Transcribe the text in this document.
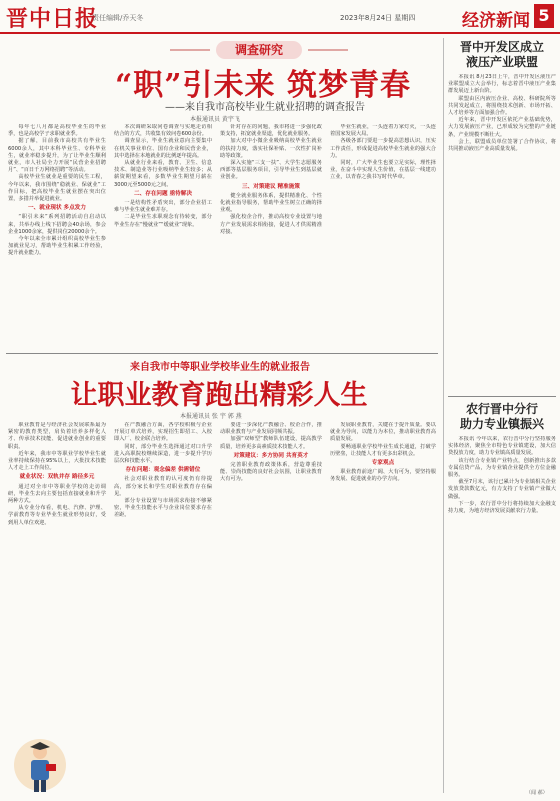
晋中日报
责任编辑/乔天冬	2023年8月24日 星期四	经济新闻 5
调查研究
“职”引未来 筑梦青春
——来自我市高校毕业生就业招聘的调查报告
本报通讯员 黄宇飞

每年七八月都是高校毕业生的毕业季，也是高校学子求职就业季。

据了解，目前我市高校共有毕业生6000余人，其中本科毕业生、专科毕业生，就业率稳步提升，为了让毕业生顺利就业，市人社局全力开展“民营企业招聘月”、“百日千万网络招聘”等活动。

高校毕业生就业是重要的民生工程，今年以来，我市围绕“稳就业、保就业”工作目标，把高校毕业生就业摆在突出位置，多措并举促进就业。

一、就业现状 多点发力

“职引未来”系列招聘活动自启动以来，共举办线上线下招聘会40余场，参会企业1000余家，提供岗位20000余个。

今年以来全市累计组织高校毕业生参加就业见习，帮助毕业生积累工作经验，提升就业能力。

本次调研采取问卷调查与实地走访相结合的方式，共收集有效问卷600余份。

调查显示，毕业生就业意向主要集中在机关事业单位、国有企业和民营企业，其中选择在本地就业的比例逐年提高。

从就业行业来看，教育、卫生、信息技术、制造业等行业吸纳毕业生较多；从薪资期望来看，多数毕业生期望月薪在3000元至5000元之间。

二、存在问题 亟待解决

一是结构性矛盾突出，部分企业招工难与毕业生就业难并存。

二是毕业生求职观念有待转变，部分毕业生存在“慢就业”“缓就业”现象。

针对存在的问题，我市将进一步强化政策支持，拓宽就业渠道，优化就业服务。

加大对中小微企业吸纳高校毕业生就业的扶持力度，落实社保补贴、一次性扩岗补助等政策。

深入实施“三支一扶”、大学生志愿服务西部等基层服务项目，引导毕业生到基层就业创业。

三、对策建议 精准施策

健全就业服务体系，提供精准化、个性化就业指导服务，帮助毕业生树立正确的择业观。

强化校企合作，推动高校专业设置与地方产业发展需求相衔接，促进人才供需精准对接。

毕业生就业，一头连着万家灯火，一头连着国家发展大局。

各级各部门要进一步提高思想认识，压实工作责任，形成促进高校毕业生就业的强大合力。

同时，广大毕业生也要立足实际，理性择业，在奋斗中实现人生价值，在基层一线建功立业，以青春之我书写时代华章。

来自我市中等职业学校毕业生的就业报告
让职业教育跑出精彩人生
本报通讯员 张 宇 郭 燕

职业教育是与经济社会发展联系最为紧密的教育类型，肩负着培养多样化人才、传承技术技能、促进就业创业的重要职责。

近年来，我市中等职业学校毕业生就业率持续保持在95%以上，大批技术技能人才走上工作岗位。

就业状况：双轨并存 路径多元

通过对全市中等职业学校的走访调研，毕业生去向主要包括直接就业和升学两种方式。

从专业分布看，机电、汽修、护理、学前教育等专业毕业生就业形势良好，受到用人单位欢迎。

在产教融合方面，各学校积极与企业开展订单式培养，实现招生即招工、入校即入厂、校企联合培养。

同时，部分毕业生选择通过对口升学进入高职院校继续深造，进一步提升学历层次和技能水平。

存在问题：观念偏差 供需错位

社会对职业教育的认可度仍有待提高，部分家长和学生对职业教育存在偏见。

部分专业设置与市场需求衔接不够紧密，毕业生技能水平与企业岗位要求存在差距。

要进一步深化产教融合、校企合作，推动职业教育与产业发展同频共振。

加强“双师型”教师队伍建设，提高教学质量，培养更多高素质技术技能人才。

对策建议：多方协同 共育英才

完善职业教育政策体系，营造尊重技能、崇尚技能的良好社会氛围，让职业教育大有可为。

发展职业教育，关键在于提升质量。要以就业为导向，以能力为本位，推动职业教育高质量发展。

要畅通职业学校毕业生成长通道，打破学历壁垒，让技能人才有更多出彩机会。

专家观点

职业教育前途广阔、大有可为，要坚持服务发展、促进就业的办学方向。

晋中开发区成立
液压产业联盟

本报讯 8月23日上午，晋中开发区液压产业联盟成立大会举行，标志着晋中液压产业集群发展迈上新台阶。

联盟由区内液压企业、高校、科研院所等共同发起成立，将围绕技术创新、市场开拓、人才培养等方面加强合作。

近年来，晋中开发区依托产业基础优势，大力发展液压产业，已形成较为完整的产业链条，产业规模不断壮大。

会上，联盟成员单位签署了合作协议，将共同推动液压产业高质量发展。

农行晋中分行
助力专业镇振兴

本报讯 今年以来，农行晋中分行坚持服务实体经济，聚焦全市特色专业镇建设，加大信贷投放力度，助力专业镇高质量发展。

该行结合专业镇产业特点，创新推出多款专属信贷产品，为专业镇企业提供全方位金融服务。

截至7月末，该行已累计为专业镇相关企业发放贷款数亿元，有力支持了专业镇产业做大做强。

下一步，农行晋中分行将持续加大金融支持力度，为地方经济发展贡献农行力量。

（闻 郝）
